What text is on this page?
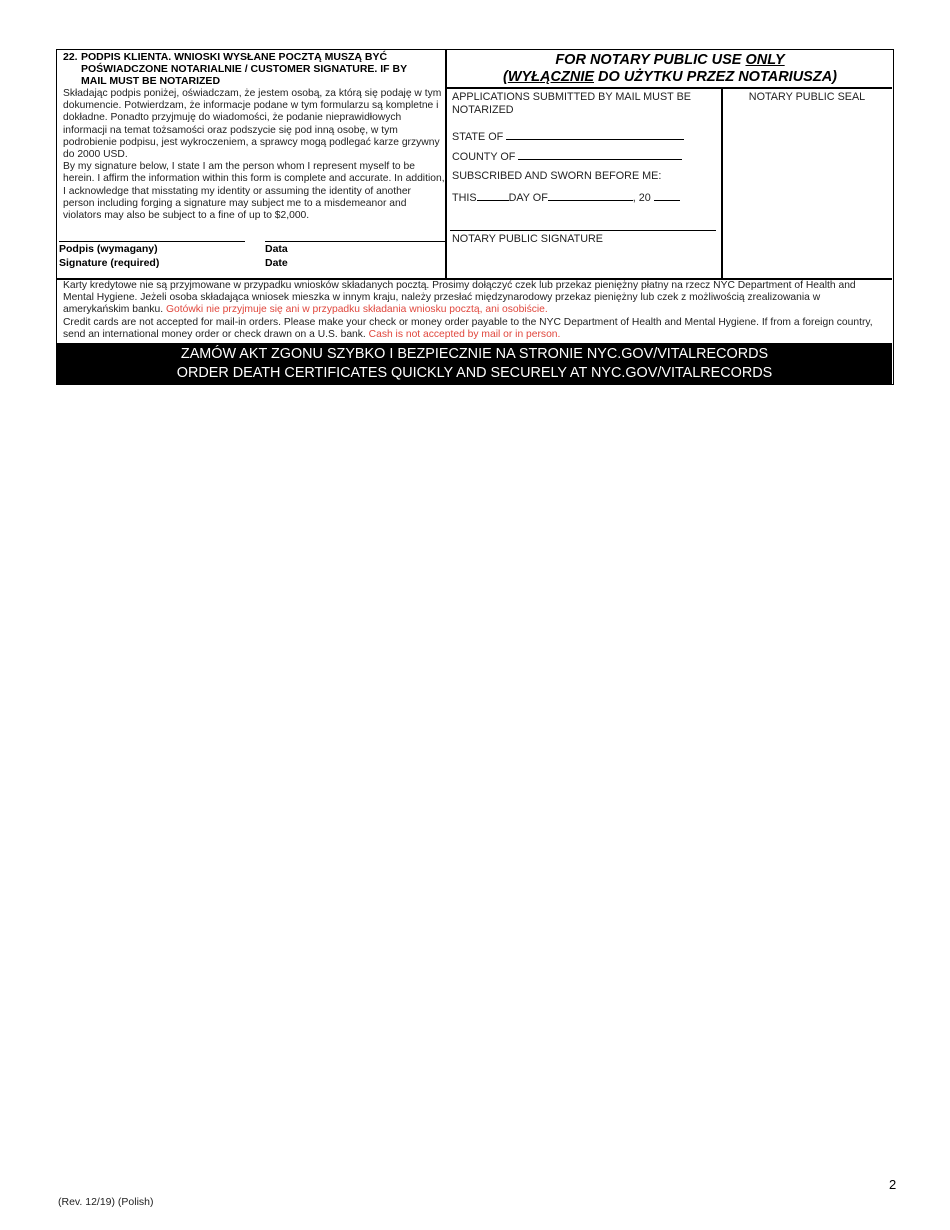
22. PODPIS KLIENTA. WNIOSKI WYSŁANE POCZTĄ MUSZĄ BYĆ
POŚWIADCZONE NOTARIALNIE / CUSTOMER SIGNATURE. IF BY
MAIL MUST BE NOTARIZED

Składając podpis poniżej, oświadczam, że jestem osobą, za którą się podaję w tym dokumencie. Potwierdzam, że informacje podane w tym formularzu są kompletne i dokładne. Ponadto przyjmuję do wiadomości, że podanie nieprawidłowych informacji na temat tożsamości oraz podszycie się pod inną osobę, w tym podrobienie podpisu, jest wykroczeniem, a sprawcy mogą podlegać karze grzywny do 2000 USD.

By my signature below, I state I am the person whom I represent myself to be herein. I affirm the information within this form is complete and accurate. In addition, I acknowledge that misstating my identity or assuming the identity of another person including forging a signature may subject me to a misdemeanor and violators may also be subject to a fine of up to $2,000.

Podpis (wymagany)
Signature (required)
Data
Date
FOR NOTARY PUBLIC USE ONLY
(WYŁĄCZNIE DO UŻYTKU PRZEZ NOTARIUSZA)
APPLICATIONS SUBMITTED BY MAIL MUST BE NOTARIZED
STATE OF
COUNTY OF
SUBSCRIBED AND SWORN BEFORE ME:
THIS	DAY OF	, 20
NOTARY PUBLIC SIGNATURE
NOTARY PUBLIC SEAL

Karty kredytowe nie są przyjmowane w przypadku wniosków składanych pocztą. Prosimy dołączyć czek lub przekaz pieniężny płatny na rzecz NYC Department of Health and Mental Hygiene. Jeżeli osoba składająca wniosek mieszka w innym kraju, należy przesłać międzynarodowy przekaz pieniężny lub czek z możliwością zrealizowania w amerykańskim banku. Gotówki nie przyjmuje się ani w przypadku składania wniosku pocztą, ani osobiście.

Credit cards are not accepted for mail-in orders. Please make your check or money order payable to the NYC Department of Health and Mental Hygiene. If from a foreign country, send an international money order or check drawn on a U.S. bank. Cash is not accepted by mail or in person.

ZAMÓW AKT ZGONU SZYBKO I BEZPIECZNIE NA STRONIE NYC.GOV/VITALRECORDS
ORDER DEATH CERTIFICATES QUICKLY AND SECURELY AT NYC.GOV/VITALRECORDS
(Rev. 12/19) (Polish)
2
